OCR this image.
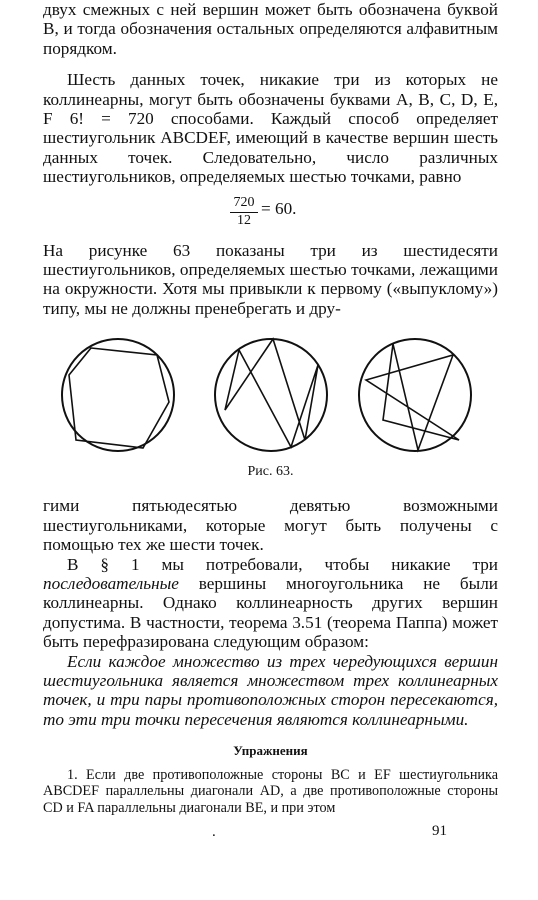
двух смежных с ней вершин может быть обозначена буквой B, и тогда обозначения остальных определяются алфавитным порядком.

Шесть данных точек, никакие три из которых не коллинеарны, могут быть обозначены буквами A, B, C, D, E, F 6! = 720 способами. Каждый способ определяет шестиугольник ABCDEF, имеющий в качестве вершин шесть данных точек. Следовательно, число различных шестиугольников, определяемых шестью точками, равно

$\frac{720}{12} = 60$.

На рисунке 63 показаны три из шестидесяти шестиугольников, определяемых шестью точками, лежащими на окружности. Хотя мы привыкли к первому («выпуклому») типу, мы не должны пренебрегать и дру-

Рис. 63.

гими пятьюдесятью девятью возможными шестиугольниками, которые могут быть получены с помощью тех же шести точек.

В § 1 мы потребовали, чтобы никакие три последовательные вершины многоугольника не были коллинеарны. Однако коллинеарность других вершин допустима. В частности, теорема 3.51 (теорема Паппа) может быть перефразирована следующим образом:

Если каждое множество из трех чередующихся вершин шестиугольника является множеством трех коллинеарных точек, и три пары противоположных сторон пересекаются, то эти три точки пересечения являются коллинеарными.

Упражнения

1. Если две противоположные стороны BC и EF шестиугольника ABCDEF параллельны диагонали AD, а две противоположные стороны CD и FA параллельны диагонали BE, и при этом

.	91
